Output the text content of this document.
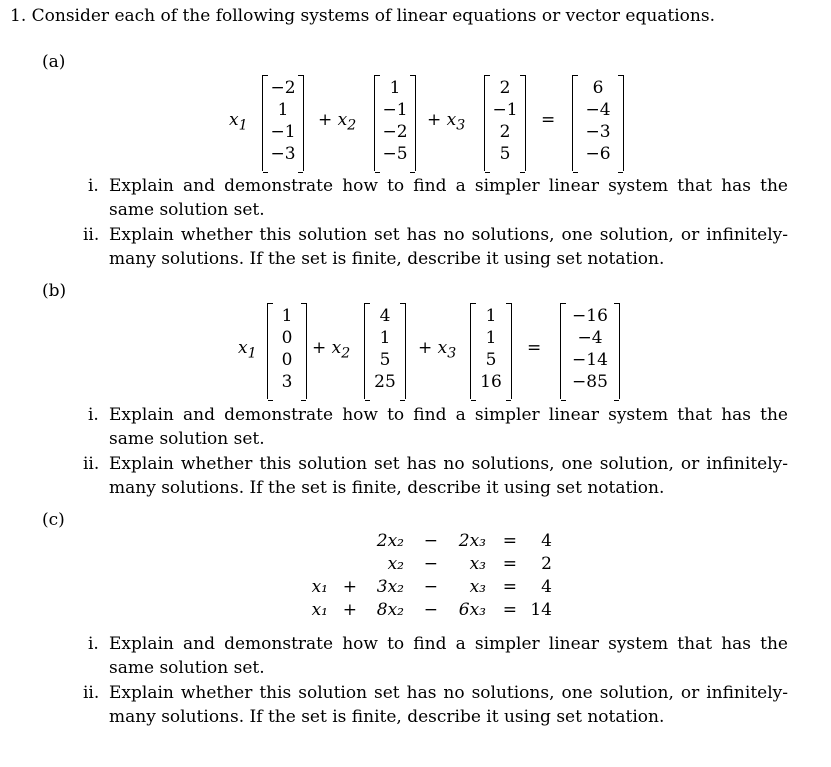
1. Consider each of the following systems of linear equations or vector equations.
(a)
$x_1$
−2
1
−1
−3
+ $x_2$
1
−1
−2
−5
+ $x_3$
2
−1
2
5
=
6
−4
−3
−6
i. Explain and demonstrate how to find a simpler linear system that has the same solution set.
ii. Explain whether this solution set has no solutions, one solution, or infinitely-many solutions. If the set is finite, describe it using set notation.
(b)
$x_1$
1
0
0
3
+ $x_2$
4
1
5
25
+ $x_3$
1
1
5
16
=
−16
−4
−14
−85
i. Explain and demonstrate how to find a simpler linear system that has the same solution set.
ii. Explain whether this solution set has no solutions, one solution, or infinitely-many solutions. If the set is finite, describe it using set notation.
(c)
2x₂ − 2x₃ = 4
x₂ − x₃ = 2
x₁ + 3x₂ − x₃ = 4
x₁ + 8x₂ − 6x₃ = 14
i. Explain and demonstrate how to find a simpler linear system that has the same solution set.
ii. Explain whether this solution set has no solutions, one solution, or infinitely-many solutions. If the set is finite, describe it using set notation.
